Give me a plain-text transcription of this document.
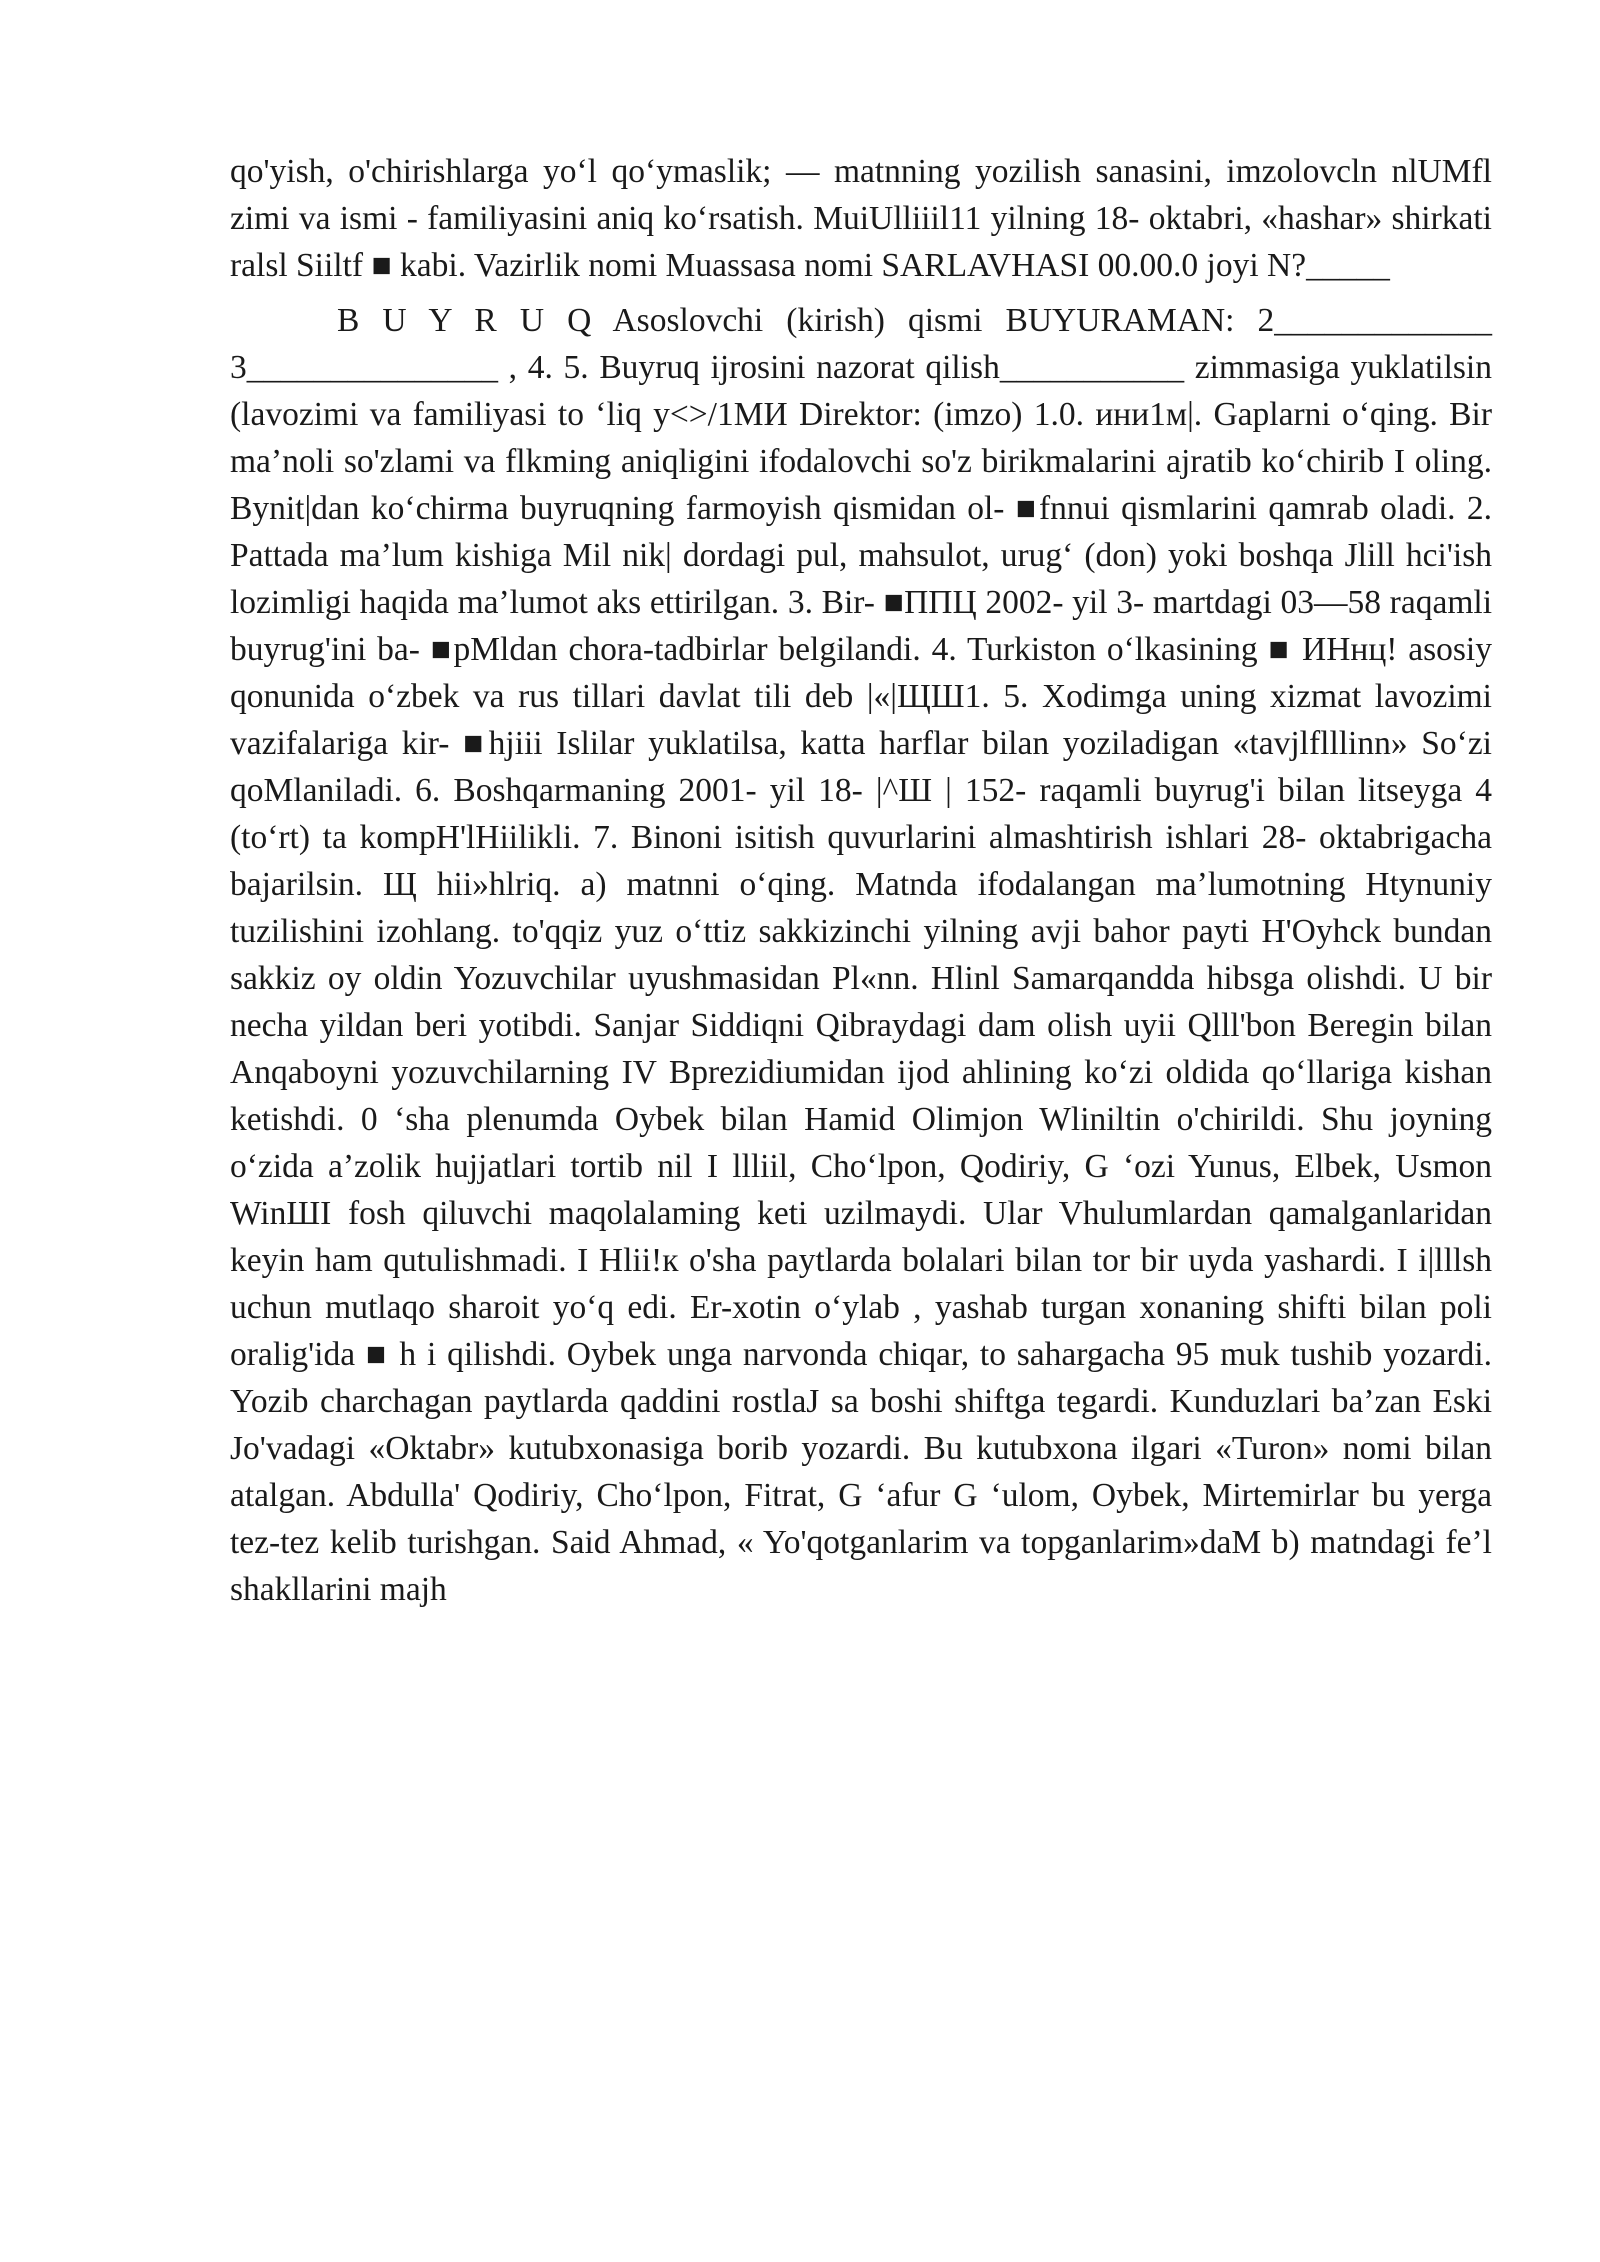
qo'yish, o'chirishlarga yo‘l qo‘ymaslik; — matnning yozilish sanasini, imzolovcln nlUMfl zimi va ismi - familiyasini aniq ko‘rsatish. MuiUlliiil11 yilning 18- oktabri, «hashar» shirkati ralsl Siiltf ■ kabi. Vazirlik nomi Muassasa nomi SARLAVHASI 00.00.0 joyi N?_____

B U Y R U Q Asoslovchi (kirish) qismi BUYURAMAN: 2_____________ 3_______________ , 4. 5. Buyruq ijrosini nazorat qilish___________ zimmasiga yuklatilsin (lavozimi va familiyasi to ‘liq y<>/1МИ Direktor: (imzo) 1.0. ини1м|. Gaplarni o‘qing. Bir ma’noli so'zlami va flkming aniqligini ifodalovchi so'z birikmalarini ajratib ko‘chirib I oling. Bynit|dan ko‘chirma buyruqning farmoyish qismidan ol- ■fnnui qismlarini qamrab oladi. 2. Pattada ma’lum kishiga Mil nik| dordagi pul, mahsulot, urug‘ (don) yoki boshqa Jlill hci'ish lozimligi haqida ma’lumot aks ettirilgan. 3. Bir- ■ППЦ 2002- yil 3- martdagi 03—58 raqamli buyrug'ini ba- ■pMldan chora-tadbirlar belgilandi. 4. Turkiston o‘lkasining ■ ИНнц! asosiy qonunida o‘zbek va rus tillari davlat tili deb |«|ЩШ1. 5. Xodimga uning xizmat lavozimi vazifalariga kir- ■hjiii Islilar yuklatilsa, katta harflar bilan yoziladigan «tavjlflllinn» So‘zi qoMlaniladi. 6. Boshqarmaning 2001- yil 18- |^Ш | 152- raqamli buyrug'i bilan litseyga 4 (to‘rt) ta kompH'lHiilikli. 7. Binoni isitish quvurlarini almashtirish ishlari 28- oktabrigacha bajarilsin. Щ hii»hlriq. a) matnni o‘qing. Matnda ifodalangan ma’lumotning Htynuniy tuzilishini izohlang. to'qqiz yuz o‘ttiz sakkizinchi yilning avji bahor payti H'Oyhck bundan sakkiz oy oldin Yozuvchilar uyushmasidan Pl«nn. Hlinl Samarqandda hibsga olishdi. U bir necha yildan beri yotibdi. Sanjar Siddiqni Qibraydagi dam olish uyii Qlll'bon Beregin bilan Anqaboyni yozuvchilarning IV Bprezidiumidan ijod ahlining ko‘zi oldida qo‘llariga kishan ketishdi. 0 ‘sha plenumda Oybek bilan Hamid Olimjon Wliniltin o'chirildi. Shu joyning o‘zida a’zolik hujjatlari tortib nil I llliil, Cho‘lpon, Qodiriy, G ‘ozi Yunus, Elbek, Usmon WinШI fosh qiluvchi maqolalaming keti uzilmaydi. Ular Vhulumlardan qamalganlaridan keyin ham qutulishmadi. I Hlii!к o'sha paytlarda bolalari bilan tor bir uyda yashardi. I i|lllsh uchun mutlaqo sharoit yo‘q edi. Er-xotin o‘ylab , yashab turgan xonaning shifti bilan poli oralig'ida ■ h i qilishdi. Oybek unga narvonda chiqar, to sahargacha 95 muk tushib yozardi. Yozib charchagan paytlarda qaddini rostlaJ sa boshi shiftga tegardi. Kunduzlari ba’zan Eski Jo'vadagi «Oktabr» kutubxonasiga borib yozardi. Bu kutubxona ilgari «Turon» nomi bilan atalgan. Abdulla' Qodiriy, Cho‘lpon, Fitrat, G ‘afur G ‘ulom, Oybek, Mirtemirlar bu yerga tez-tez kelib turishgan. Said Ahmad, « Yo'qotganlarim va topganlarim»daM b) matndagi fe’l shakllarini majh
